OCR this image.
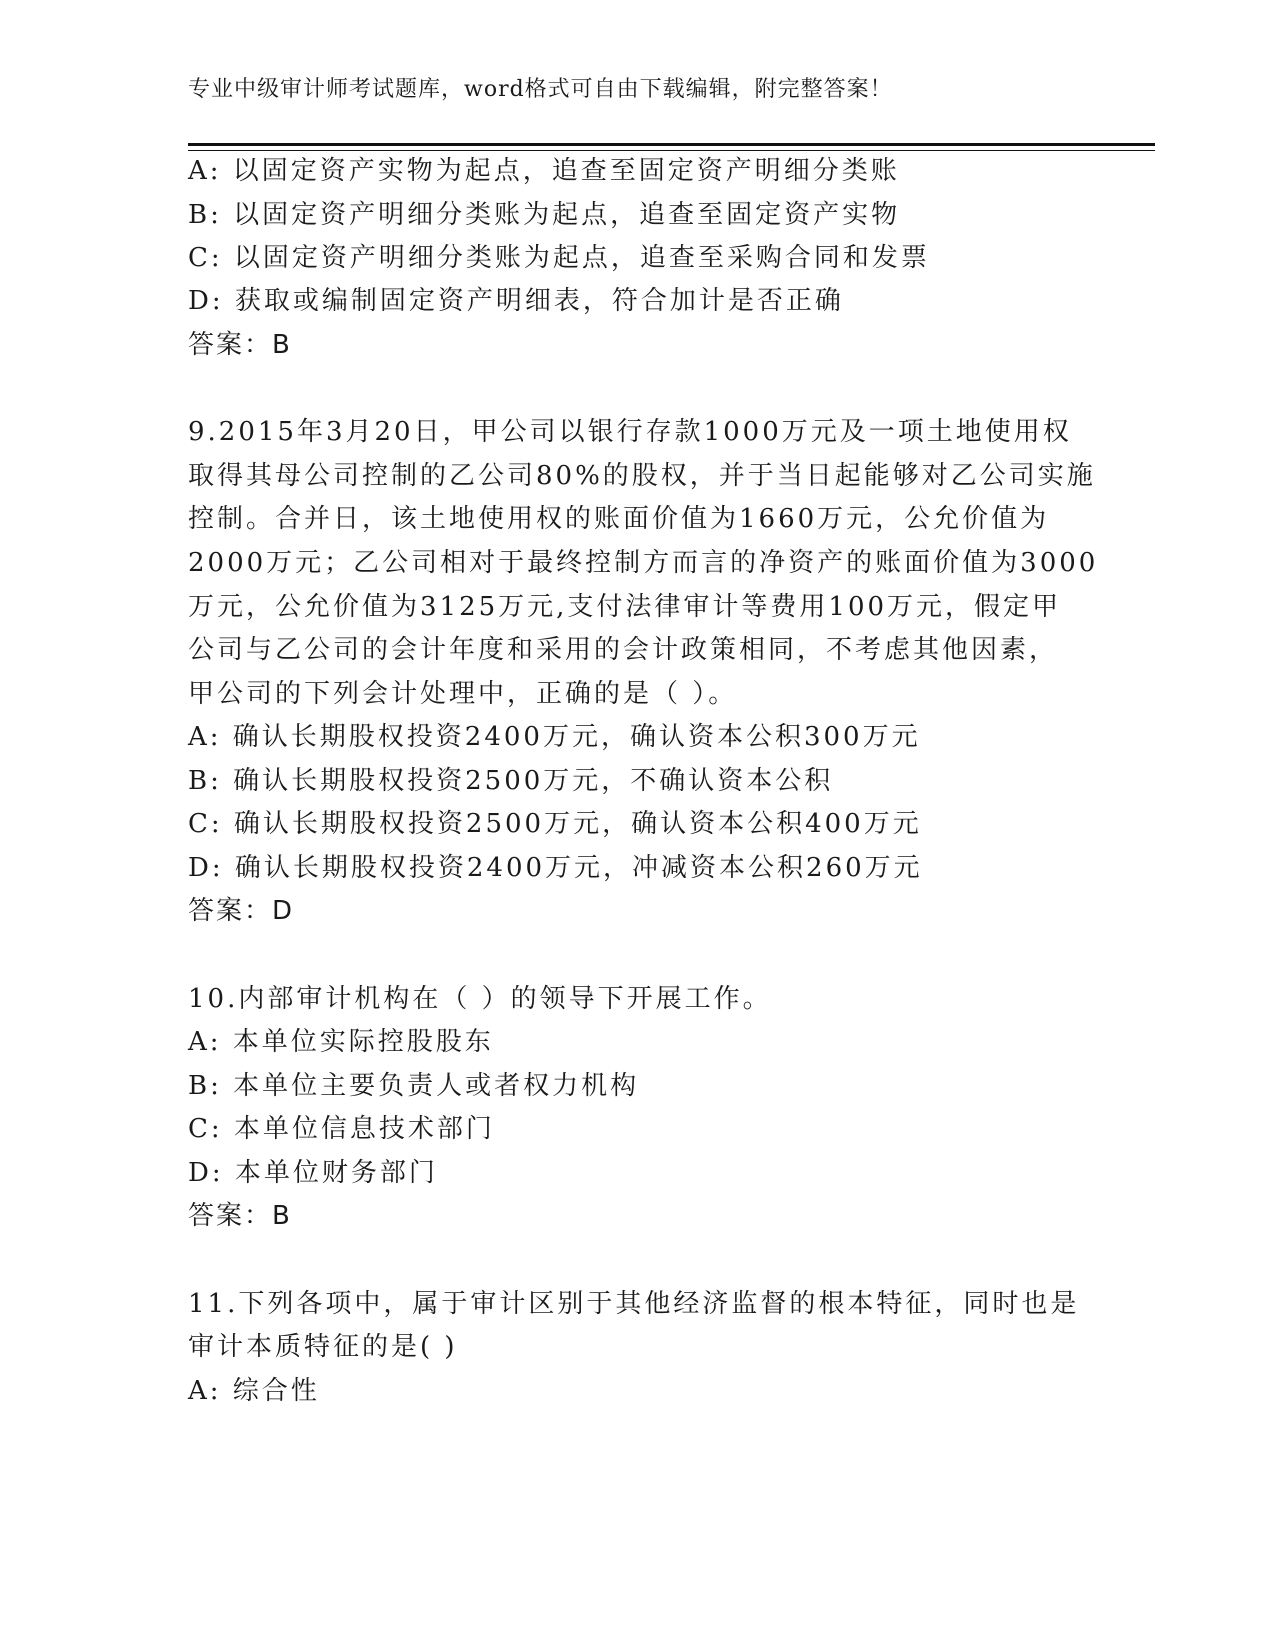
专业中级审计师考试题库，word格式可自由下载编辑，附完整答案！
A: 以固定资产实物为起点，追查至固定资产明细分类账
B: 以固定资产明细分类账为起点，追查至固定资产实物
C: 以固定资产明细分类账为起点，追查至采购合同和发票
D: 获取或编制固定资产明细表，符合加计是否正确
答案：B
9.2015年3月20日，甲公司以银行存款1000万元及一项土地使用权
取得其母公司控制的乙公司80%的股权，并于当日起能够对乙公司实施
控制。合并日，该土地使用权的账面价值为1660万元，公允价值为
2000万元；乙公司相对于最终控制方而言的净资产的账面价值为3000
万元，公允价值为3125万元,支付法律审计等费用100万元，假定甲
公司与乙公司的会计年度和采用的会计政策相同，不考虑其他因素，
甲公司的下列会计处理中，正确的是（ ）。
A: 确认长期股权投资2400万元，确认资本公积300万元
B: 确认长期股权投资2500万元，不确认资本公积
C: 确认长期股权投资2500万元，确认资本公积400万元
D: 确认长期股权投资2400万元，冲减资本公积260万元
答案：D
10.内部审计机构在（ ）的领导下开展工作。
A: 本单位实际控股股东
B: 本单位主要负责人或者权力机构
C: 本单位信息技术部门
D: 本单位财务部门
答案：B
11.下列各项中，属于审计区别于其他经济监督的根本特征，同时也是
审计本质特征的是( )
A: 综合性
